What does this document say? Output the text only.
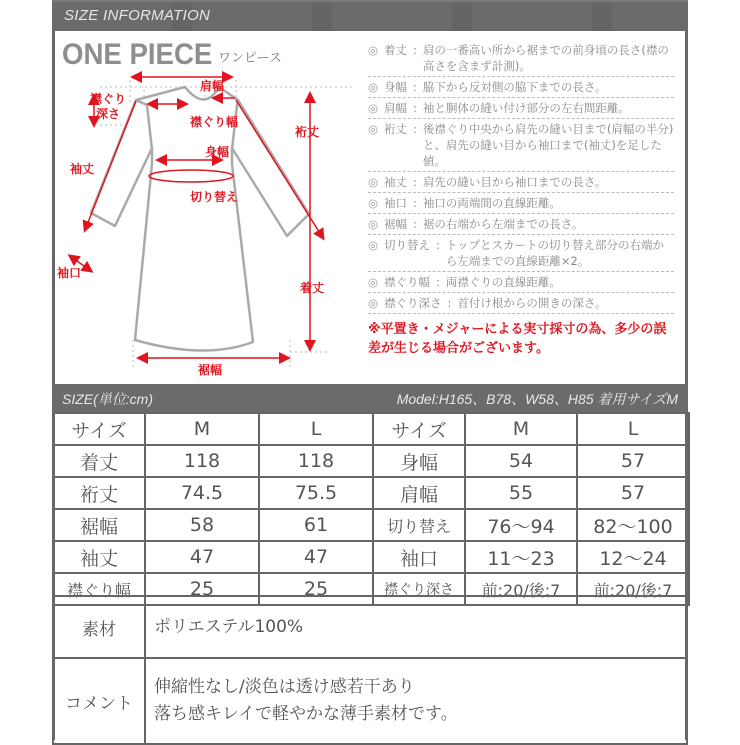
SIZE INFORMATION
ONE PIECE ワンピース
肩幅
襟ぐり
深さ
襟ぐり幅
裄丈
身幅
袖丈
切り替え
袖口
着丈
裾幅
◎ 着丈 : 肩の一番高い所から裾までの前身頃の長さ(襟の高さを含まず計測)。
◎ 身幅 : 脇下から反対側の脇下までの長さ。
◎ 肩幅 : 袖と胴体の縫い付け部分の左右間距離。
◎ 裄丈 : 後襟ぐり中央から肩先の縫い目まで(肩幅の半分)と、肩先の縫い目から袖口まで(袖丈)を足した値。
◎ 袖丈 : 肩先の縫い目から袖口までの長さ。
◎ 袖口 : 袖口の両端間の直線距離。
◎ 裾幅 : 裾の右端から左端までの長さ。
◎ 切り替え : トップとスカートの切り替え部分の右端から左端までの直線距離×2。
◎ 襟ぐり幅 : 両襟ぐりの直線距離。
◎ 襟ぐり深さ : 首付け根からの開きの深さ。
※平置き・メジャーによる実寸採寸の為、多少の誤差が生じる場合がございます。
SIZE(単位:cm)	Model:H165、B78、W58、H85 着用サイズM
サイズ	M	L	サイズ	M	L
着丈	118	118	身幅	54	57
裄丈	74.5	75.5	肩幅	55	57
裾幅	58	61	切り替え	76〜94	82〜100
袖丈	47	47	袖口	11〜23	12〜24
襟ぐり幅	25	25	襟ぐり深さ	前:20/後:7	前:20/後:7
素材	ポリエステル100%
コメント	伸縮性なし/淡色は透け感若干あり
落ち感キレイで軽やかな薄手素材です。
